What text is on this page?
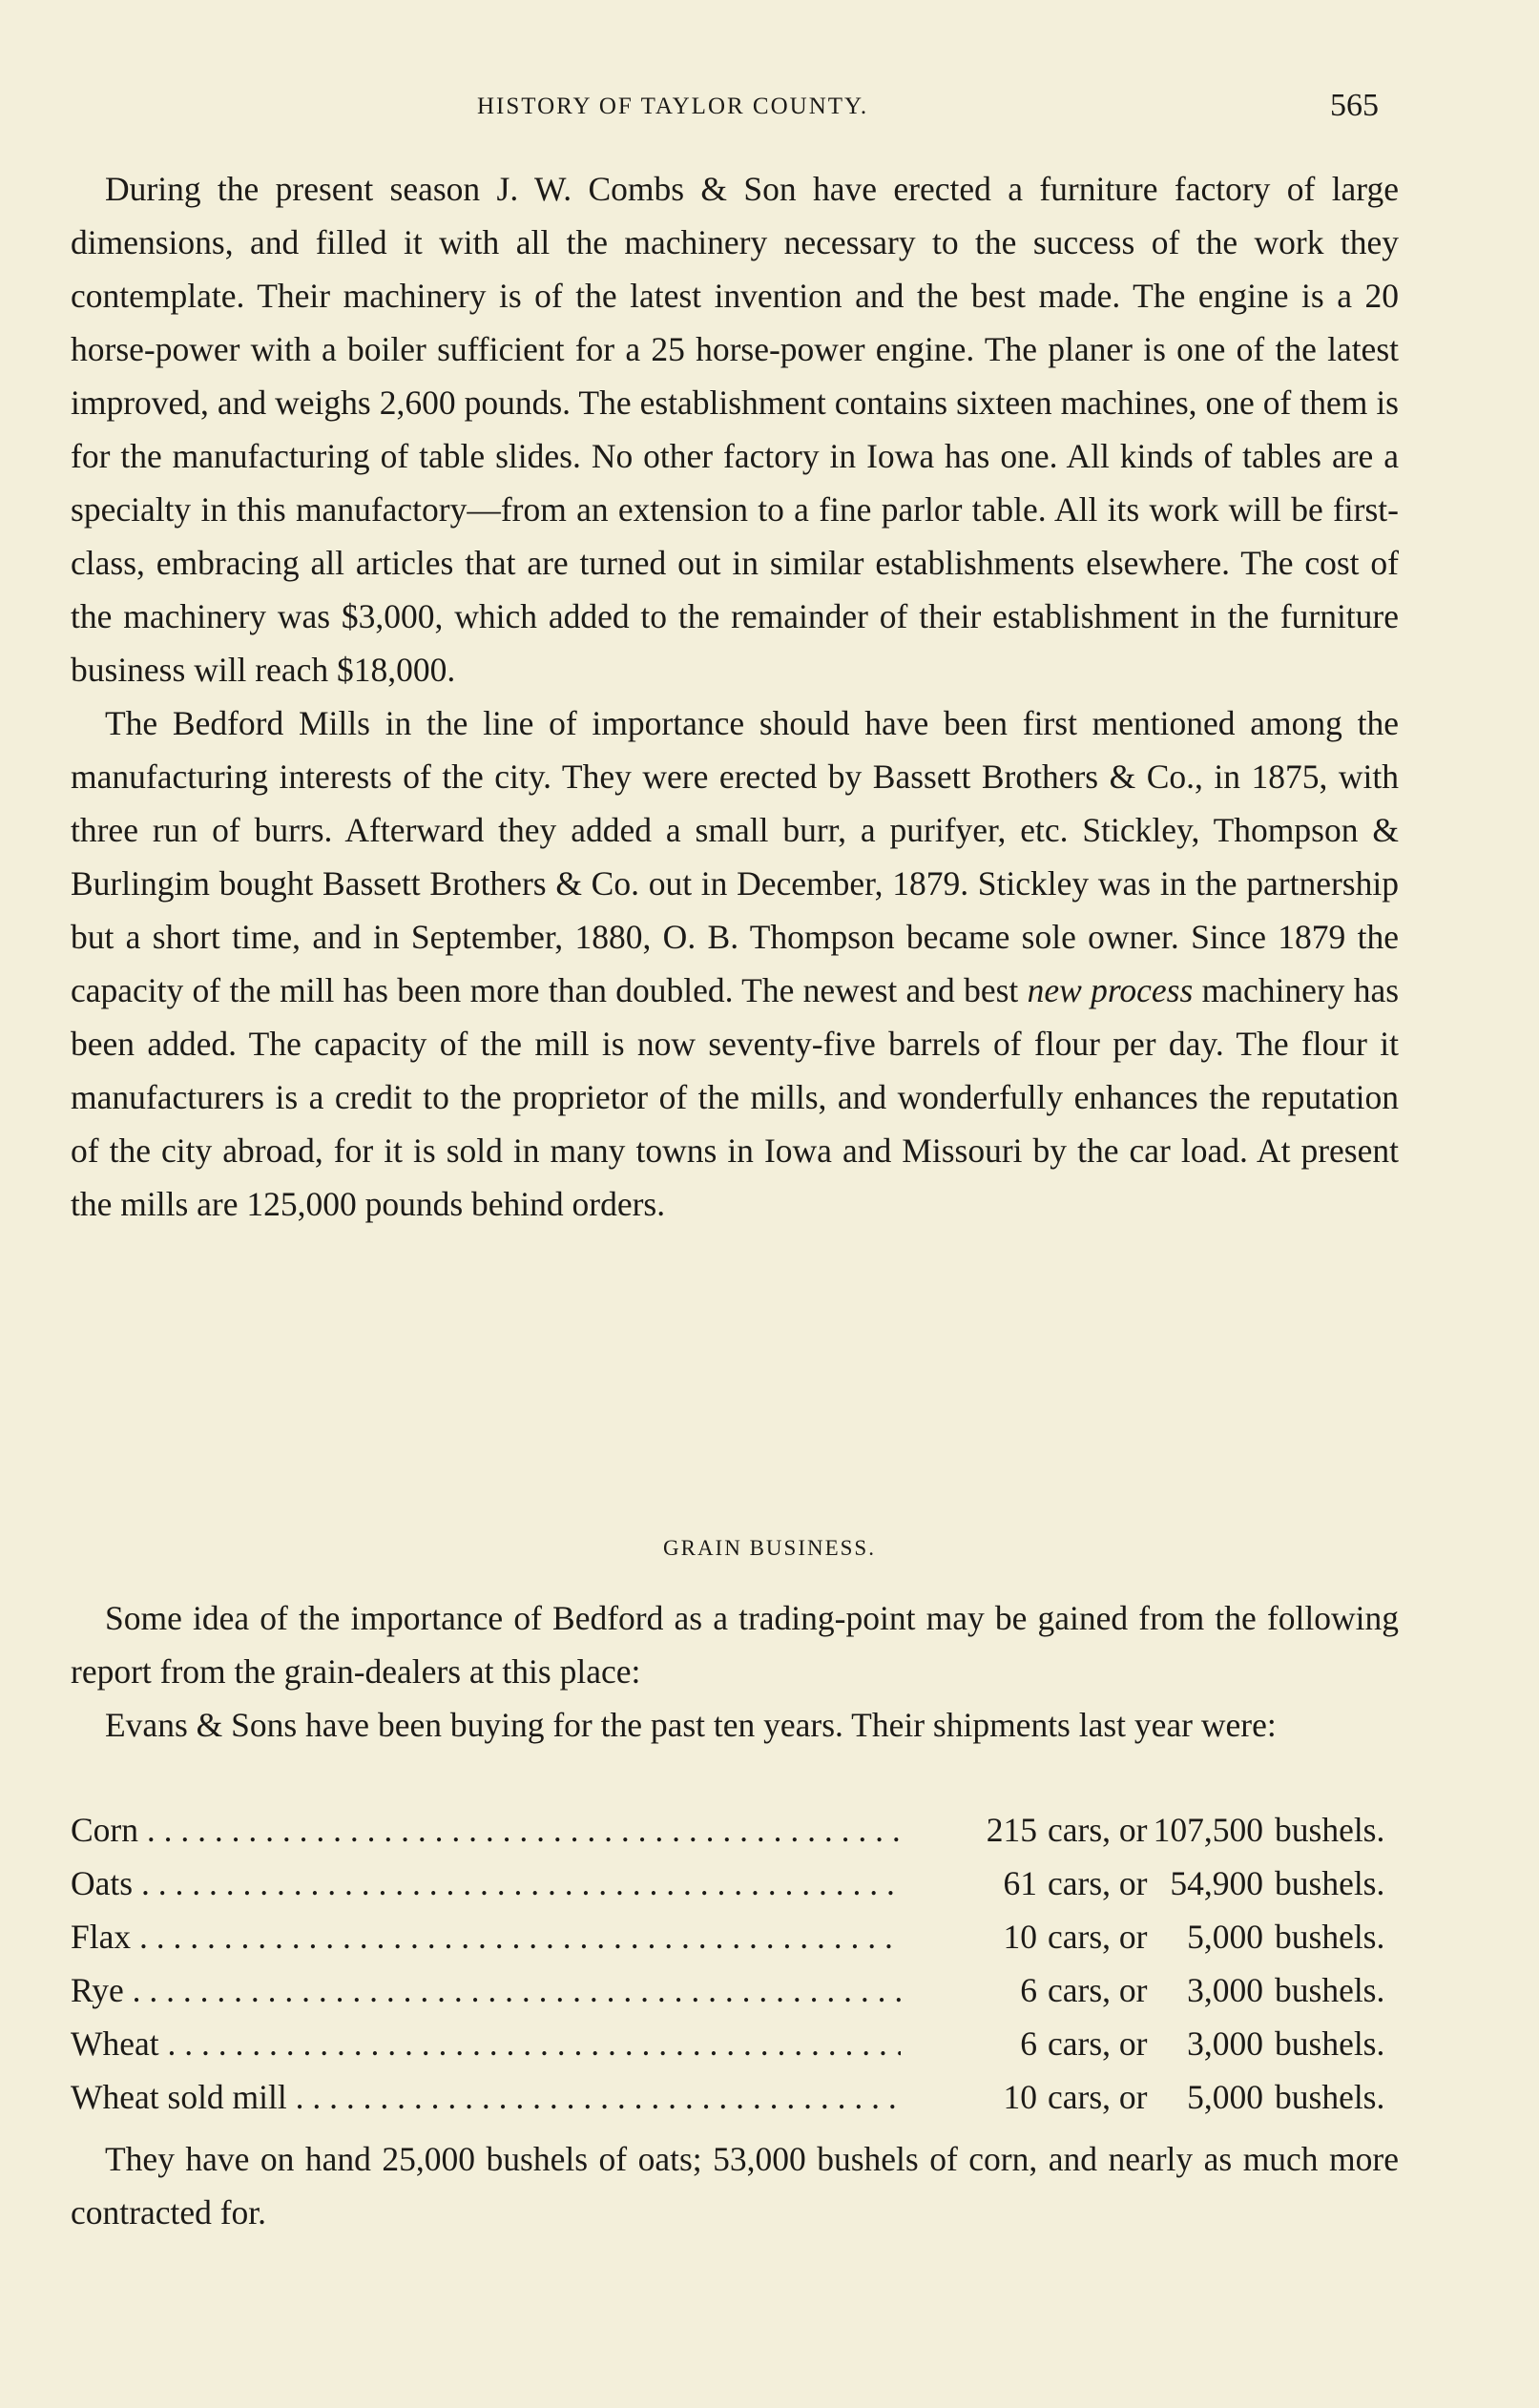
HISTORY OF TAYLOR COUNTY.	565

During the present season J. W. Combs & Son have erected a furniture factory of large dimensions, and filled it with all the machinery necessary to the success of the work they contemplate. Their machinery is of the latest invention and the best made. The engine is a 20 horse-power with a boiler sufficient for a 25 horse-power engine. The planer is one of the latest improved, and weighs 2,600 pounds. The establishment contains sixteen machines, one of them is for the manufacturing of table slides. No other factory in Iowa has one. All kinds of tables are a specialty in this manufactory—from an extension to a fine parlor table. All its work will be first-class, embracing all articles that are turned out in similar establishments elsewhere. The cost of the machinery was $3,000, which added to the remainder of their establishment in the furniture business will reach $18,000.

The Bedford Mills in the line of importance should have been first mentioned among the manufacturing interests of the city. They were erected by Bassett Brothers & Co., in 1875, with three run of burrs. Afterward they added a small burr, a purifyer, etc. Stickley, Thompson & Burlingim bought Bassett Brothers & Co. out in December, 1879. Stickley was in the partnership but a short time, and in September, 1880, O. B. Thompson became sole owner. Since 1879 the capacity of the mill has been more than doubled. The newest and best new process machinery has been added. The capacity of the mill is now seventy-five barrels of flour per day. The flour it manufacturers is a credit to the proprietor of the mills, and wonderfully enhances the reputation of the city abroad, for it is sold in many towns in Iowa and Missouri by the car load. At present the mills are 125,000 pounds behind orders.

GRAIN BUSINESS.

Some idea of the importance of Bedford as a trading-point may be gained from the following report from the grain-dealers at this place:

Evans & Sons have been buying for the past ten years. Their shipments last year were:

Corn . . .	215 cars, or 107,500 bushels.
Oats . . .	61 cars, or 54,900 bushels.
Flax . . .	10 cars, or	5,000 bushels.
Rye . . .	6 cars, or	3,000 bushels.
Wheat . . .	6 cars, or	3,000 bushels.
Wheat sold mill . . .	10 cars, or	5,000 bushels.

They have on hand 25,000 bushels of oats; 53,000 bushels of corn, and nearly as much more contracted for.
